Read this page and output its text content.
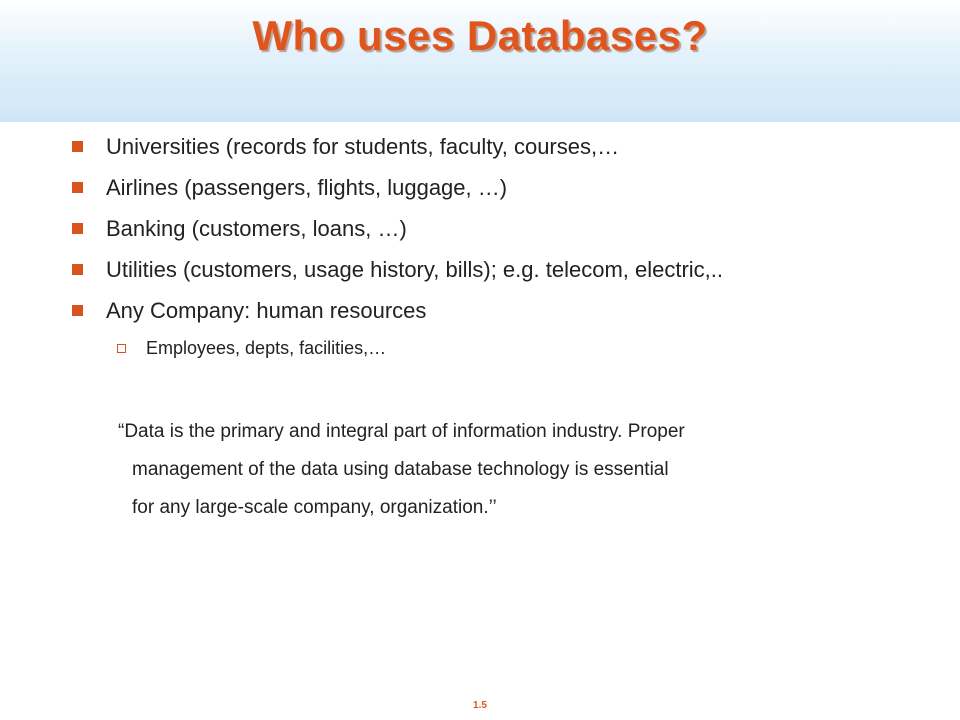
Who uses Databases?
Universities (records for students, faculty, courses,…
Airlines (passengers, flights, luggage, …)
Banking (customers, loans, …)
Utilities (customers, usage history, bills); e.g. telecom, electric,..
Any Company: human resources
Employees, depts, facilities,…
“Data is the primary and integral part of information industry. Proper
management of the data using database technology is essential
for any large-scale company, organization.’’
1.5
